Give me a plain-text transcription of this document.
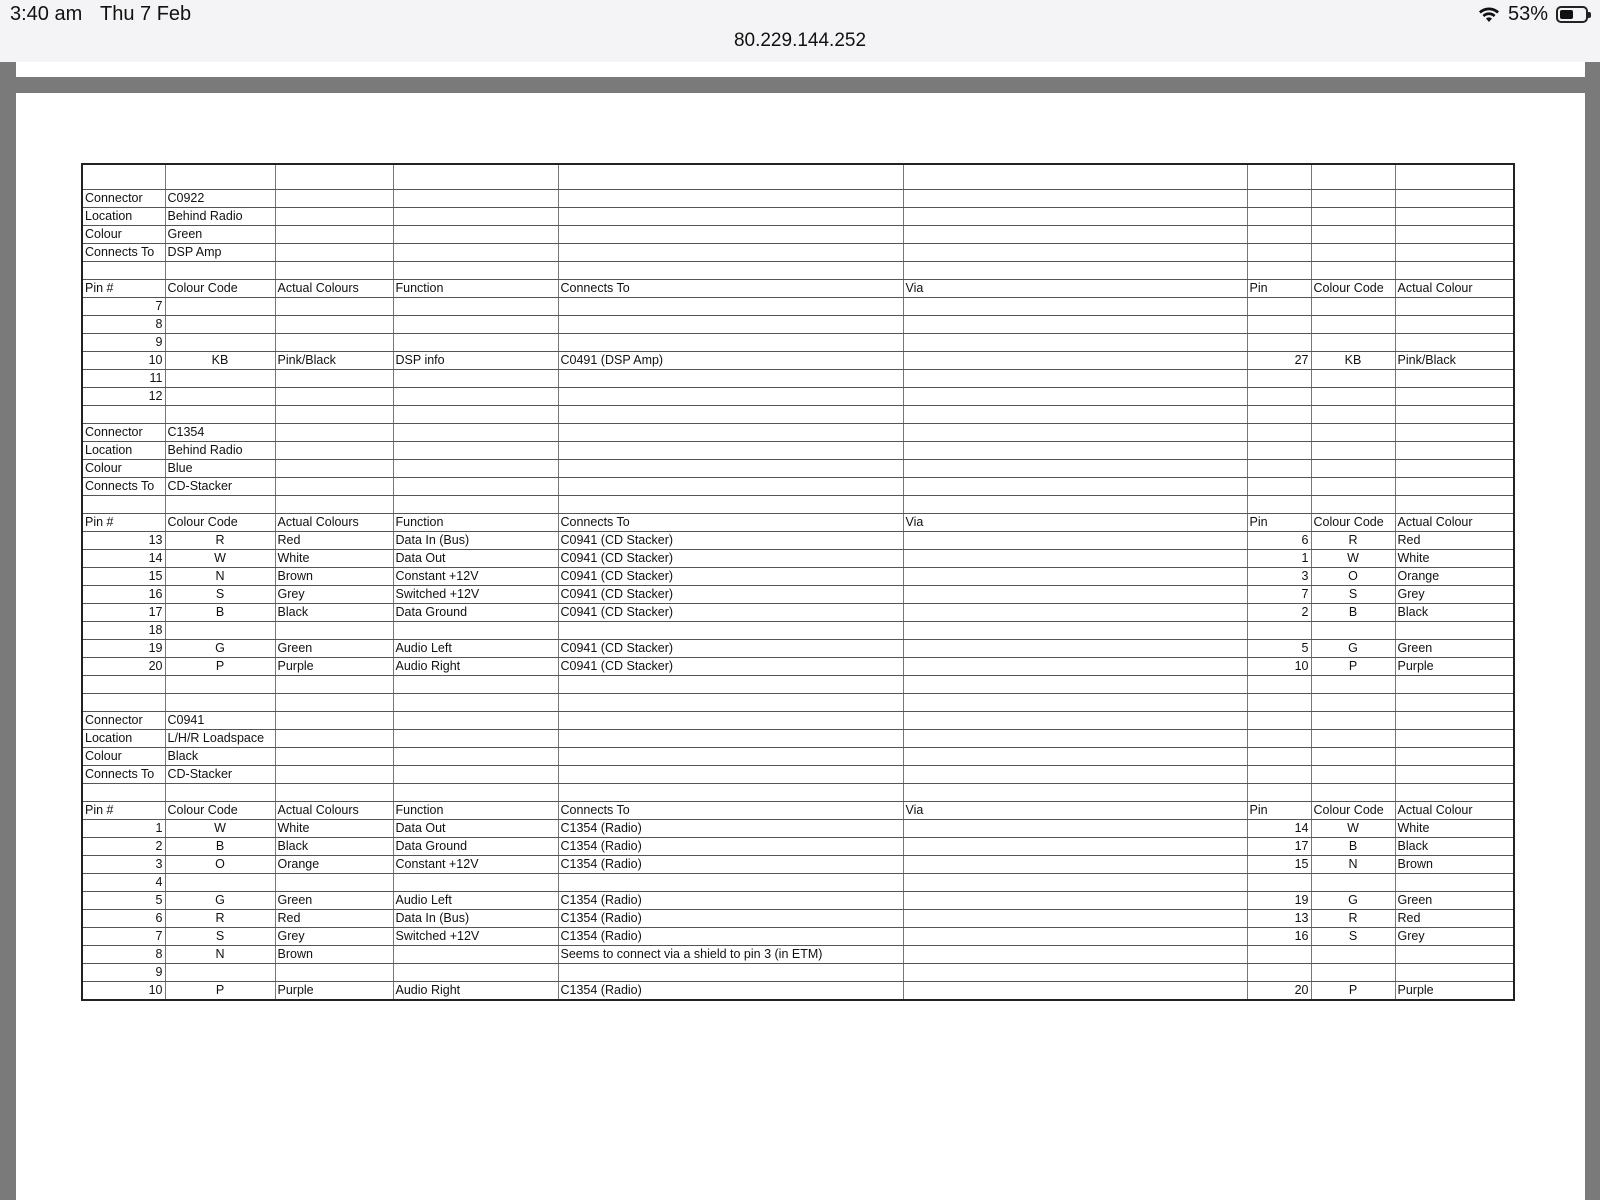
3:40 am Thu 7 Feb	53%
80.229.144.252

Connector	C0922							
Location	Behind Radio							
Colour	Green							
Connects To	DSP Amp							

Pin #	Colour Code	Actual Colours	Function	Connects To	Via	Pin	Colour Code	Actual Colour
7								
8								
9								
10	KB	Pink/Black	DSP info	C0491 (DSP Amp)		27	KB	Pink/Black
11								
12								

Connector	C1354							
Location	Behind Radio							
Colour	Blue							
Connects To	CD-Stacker							

Pin #	Colour Code	Actual Colours	Function	Connects To	Via	Pin	Colour Code	Actual Colour
13	R	Red	Data In (Bus)	C0941 (CD Stacker)		6	R	Red
14	W	White	Data Out	C0941 (CD Stacker)		1	W	White
15	N	Brown	Constant +12V	C0941 (CD Stacker)		3	O	Orange
16	S	Grey	Switched +12V	C0941 (CD Stacker)		7	S	Grey
17	B	Black	Data Ground	C0941 (CD Stacker)		2	B	Black
18								
19	G	Green	Audio Left	C0941 (CD Stacker)		5	G	Green
20	P	Purple	Audio Right	C0941 (CD Stacker)		10	P	Purple

Connector	C0941							
Location	L/H/R Loadspace							
Colour	Black							
Connects To	CD-Stacker							

Pin #	Colour Code	Actual Colours	Function	Connects To	Via	Pin	Colour Code	Actual Colour
1	W	White	Data Out	C1354 (Radio)		14	W	White
2	B	Black	Data Ground	C1354 (Radio)		17	B	Black
3	O	Orange	Constant +12V	C1354 (Radio)		15	N	Brown
4								
5	G	Green	Audio Left	C1354 (Radio)		19	G	Green
6	R	Red	Data In (Bus)	C1354 (Radio)		13	R	Red
7	S	Grey	Switched +12V	C1354 (Radio)		16	S	Grey
8	N	Brown		Seems to connect via a shield to pin 3 (in ETM)				
9								
10	P	Purple	Audio Right	C1354 (Radio)		20	P	Purple
